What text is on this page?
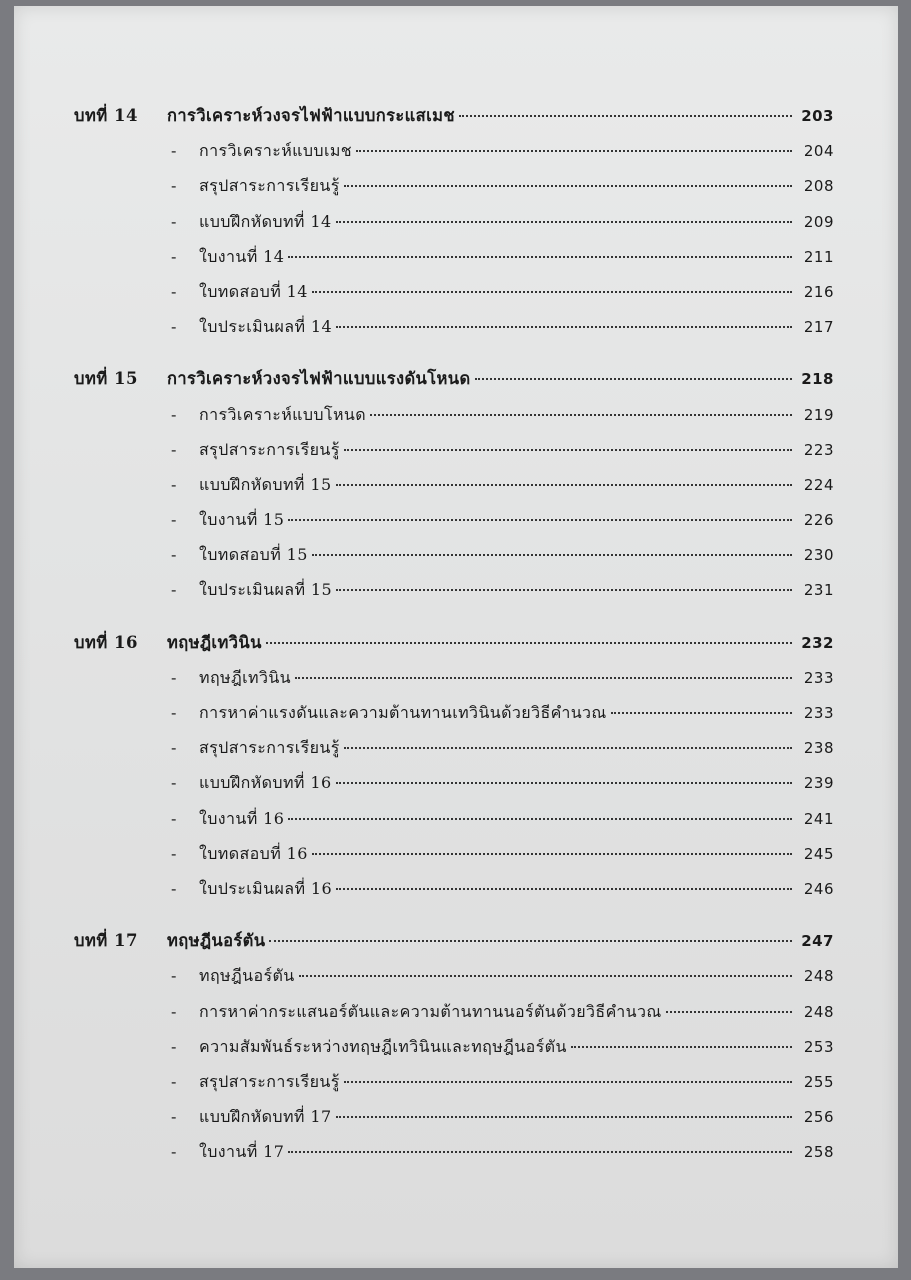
บทที่ 14	การวิเคราะห์วงจรไฟฟ้าแบบกระแสเมช	203
-	การวิเคราะห์แบบเมช	204
-	สรุปสาระการเรียนรู้	208
-	แบบฝึกหัดบทที่ 14	209
-	ใบงานที่ 14	211
-	ใบทดสอบที่ 14	216
-	ใบประเมินผลที่ 14	217
บทที่ 15	การวิเคราะห์วงจรไฟฟ้าแบบแรงดันโหนด	218
-	การวิเคราะห์แบบโหนด	219
-	สรุปสาระการเรียนรู้	223
-	แบบฝึกหัดบทที่ 15	224
-	ใบงานที่ 15	226
-	ใบทดสอบที่ 15	230
-	ใบประเมินผลที่ 15	231
บทที่ 16	ทฤษฎีเทวินิน	232
-	ทฤษฎีเทวินิน	233
-	การหาค่าแรงดันและความต้านทานเทวินินด้วยวิธีคำนวณ	233
-	สรุปสาระการเรียนรู้	238
-	แบบฝึกหัดบทที่ 16	239
-	ใบงานที่ 16	241
-	ใบทดสอบที่ 16	245
-	ใบประเมินผลที่ 16	246
บทที่ 17	ทฤษฎีนอร์ตัน	247
-	ทฤษฎีนอร์ตัน	248
-	การหาค่ากระแสนอร์ตันและความต้านทานนอร์ตันด้วยวิธีคำนวณ	248
-	ความสัมพันธ์ระหว่างทฤษฎีเทวินินและทฤษฎีนอร์ตัน	253
-	สรุปสาระการเรียนรู้	255
-	แบบฝึกหัดบทที่ 17	256
-	ใบงานที่ 17	258
